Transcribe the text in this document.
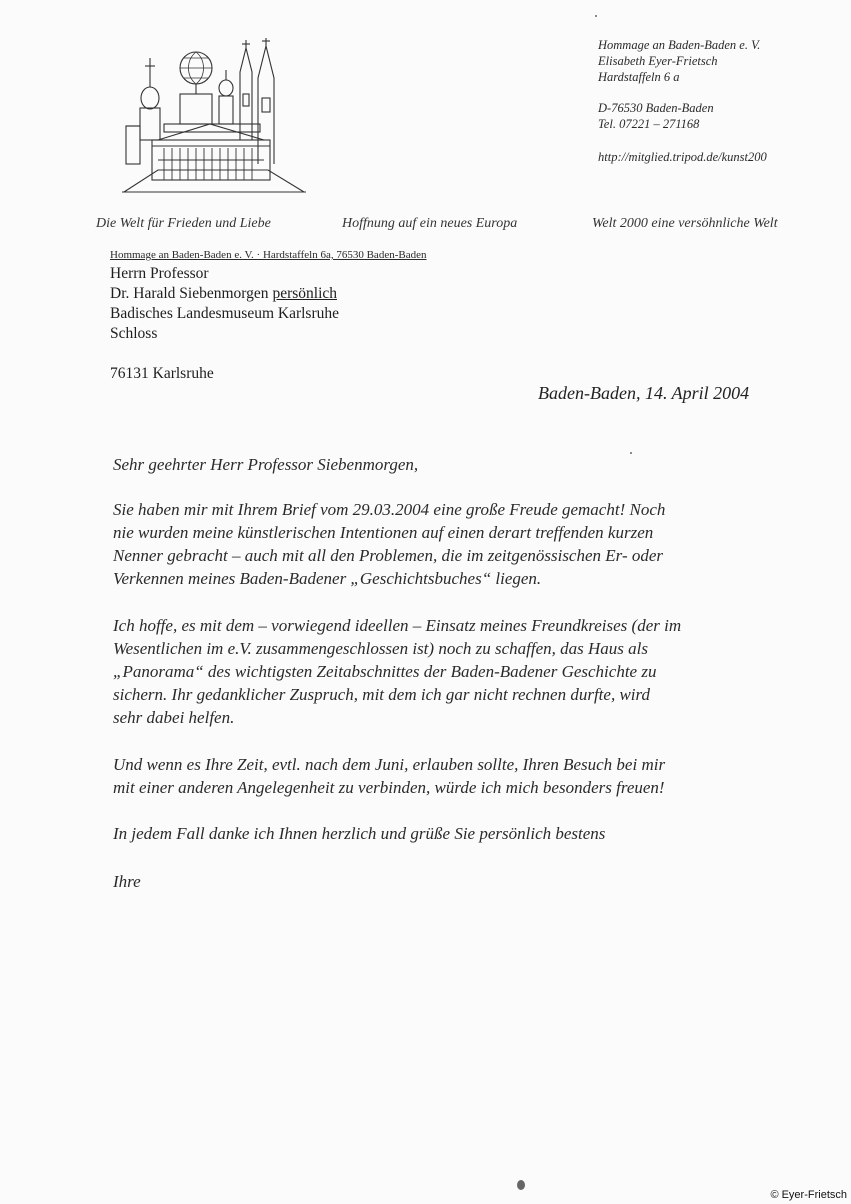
Hommage an Baden-Baden e. V.

Elisabeth Eyer-Frietsch

Hardstaffeln 6 a

D-76530 Baden-Baden

Tel. 07221 – 271168

http://mitglied.tripod.de/kunst200

Die Welt für Frieden und Liebe	Hoffnung auf ein neues Europa	Welt 2000 eine versöhnliche Welt

Hommage an Baden-Baden e. V. · Hardstaffeln 6a, 76530 Baden-Baden

Herrn Professor

Dr. Harald Siebenmorgen persönlich

Badisches Landesmuseum Karlsruhe

Schloss

76131 Karlsruhe

Baden-Baden, 14. April 2004

Sehr geehrter Herr Professor Siebenmorgen,

Sie haben mir mit Ihrem Brief vom 29.03.2004 eine große Freude gemacht! Noch

nie wurden meine künstlerischen Intentionen auf einen derart treffenden kurzen

Nenner gebracht – auch mit all den Problemen, die im zeitgenössischen Er- oder

Verkennen meines Baden-Badener „Geschichtsbuches“ liegen.

Ich hoffe, es mit dem – vorwiegend ideellen – Einsatz meines Freundkreises (der im

Wesentlichen im e.V. zusammengeschlossen ist) noch zu schaffen, das Haus als

„Panorama“ des wichtigsten Zeitabschnittes der Baden-Badener Geschichte zu

sichern. Ihr gedanklicher Zuspruch, mit dem ich gar nicht rechnen durfte, wird

sehr dabei helfen.

Und wenn es Ihre Zeit, evtl. nach dem Juni, erlauben sollte, Ihren Besuch bei mir

mit einer anderen Angelegenheit zu verbinden, würde ich mich besonders freuen!

In jedem Fall danke ich Ihnen herzlich und grüße Sie persönlich bestens

Ihre

© Eyer-Frietsch
